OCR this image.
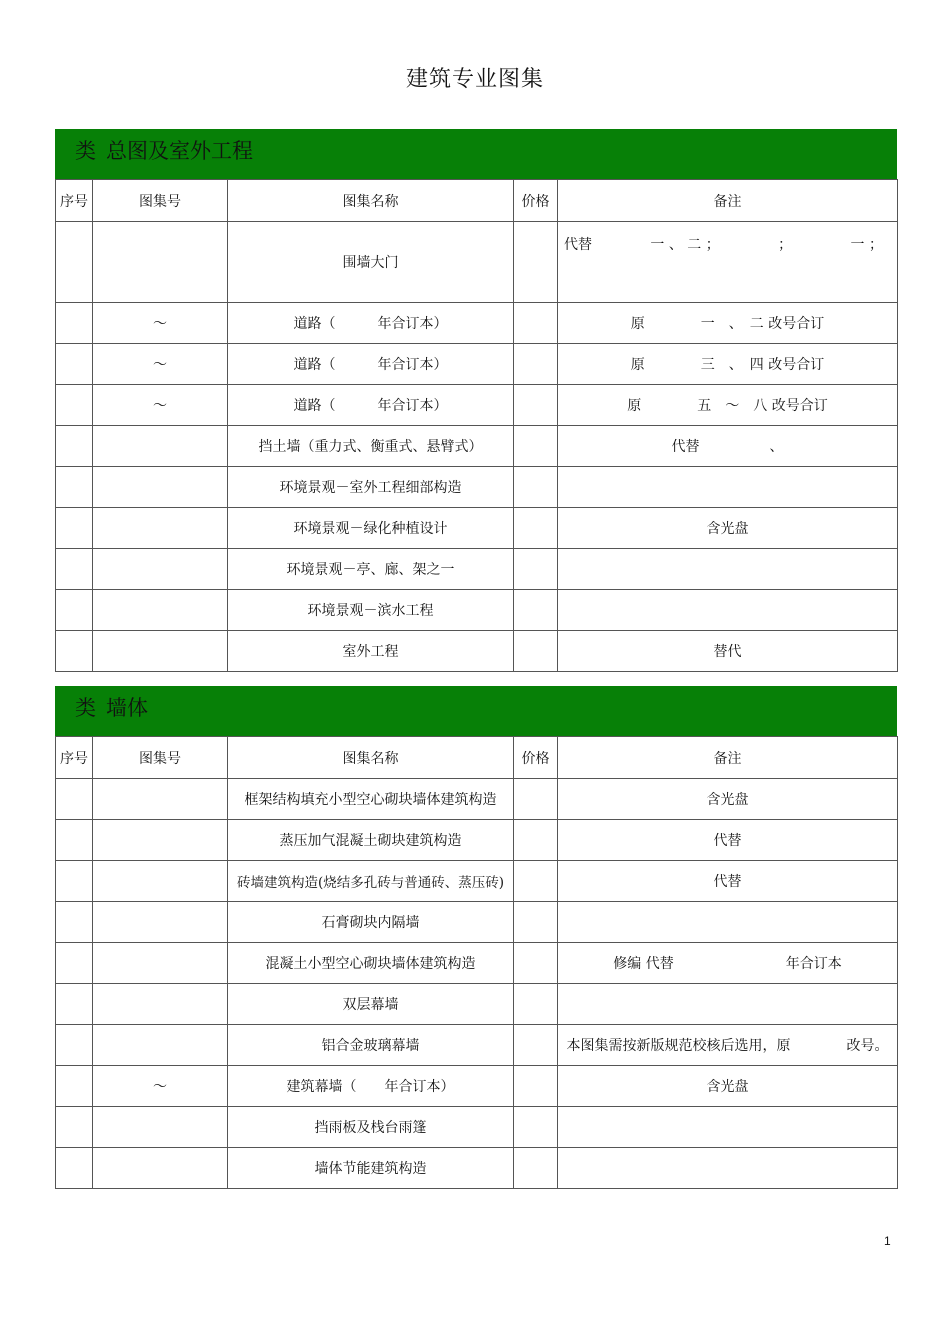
建筑专业图集
类 总图及室外工程
序号	图集号	图集名称	价格	备注
		围墙大门		代替 一 、 二 ； ； 一 ；

	～	道路（　　　年合订本）		原　　　　一　、　二 改号合订
	～	道路（　　　年合订本）		原　　　　三　、　四 改号合订
	～	道路（　　　年合订本）		原　　　　五　～　八 改号合订
		挡土墙（重力式、衡重式、悬臂式）		代替　　　　　、
		环境景观－室外工程细部构造		
		环境景观－绿化种植设计		含光盘
		环境景观－亭、廊、架之一		
		环境景观－滨水工程		
		室外工程		替代
类 墙体
序号	图集号	图集名称	价格	备注
		框架结构填充小型空心砌块墙体建筑构造		含光盘
		蒸压加气混凝土砌块建筑构造		代替
		砖墙建筑构造(烧结多孔砖与普通砖、蒸压砖)		代替
		石膏砌块内隔墙		
		混凝土小型空心砌块墙体建筑构造		修编 代替　　　　　　　　年合订本
		双层幕墙		
		铝合金玻璃幕墙		本图集需按新版规范校核后选用，原　　　　改号。
	～	建筑幕墙（　　年合订本）		含光盘
		挡雨板及栈台雨篷		
		墙体节能建筑构造		
1
